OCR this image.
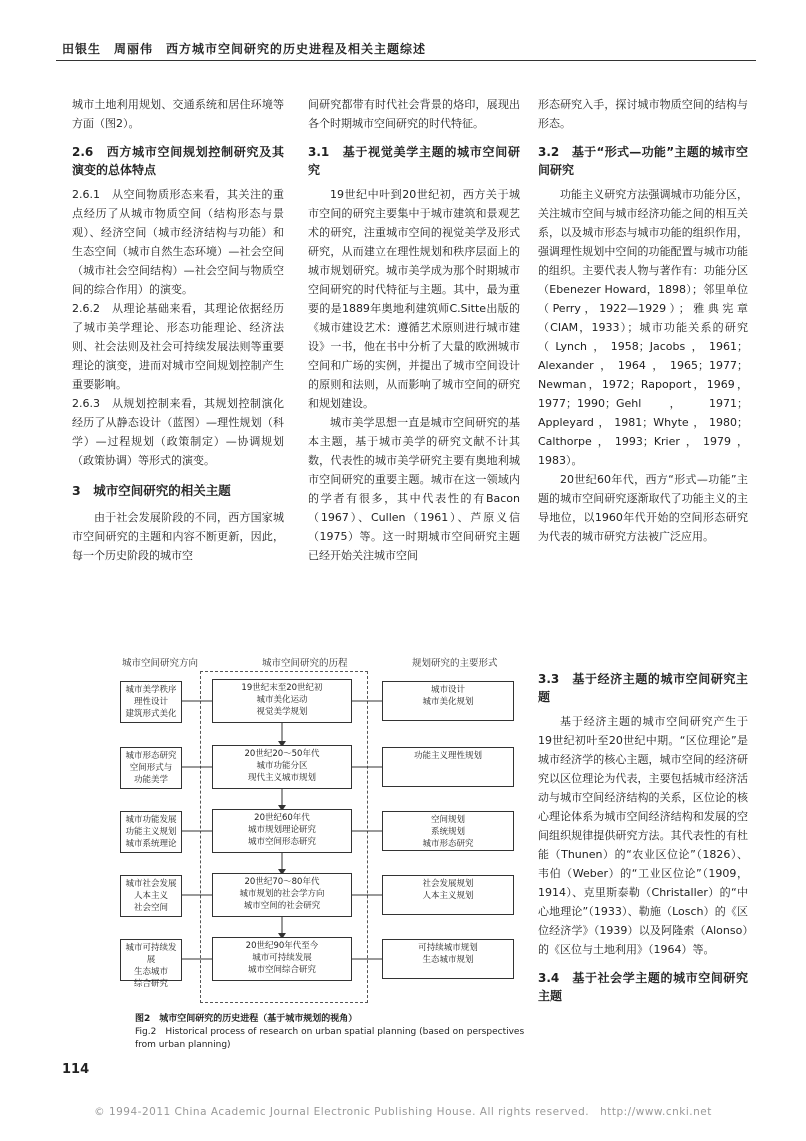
田银生　周丽伟　西方城市空间研究的历史进程及相关主题综述

城市土地利用规划、交通系统和居住环境等方面（图2）。

2.6　西方城市空间规划控制研究及其演变的总体特点

2.6.1　从空间物质形态来看，其关注的重点经历了从城市物质空间（结构形态与景观）、经济空间（城市经济结构与功能）和生态空间（城市自然生态环境）—社会空间（城市社会空间结构）—社会空间与物质空间的综合作用）的演变。

2.6.2　从理论基础来看，其理论依据经历了城市美学理论、形态功能理论、经济法则、社会法则及社会可持续发展法则等重要理论的演变，进而对城市空间规划控制产生重要影响。

2.6.3　从规划控制来看，其规划控制演化经历了从静态设计（蓝图）—理性规划（科学）—过程规划（政策制定）—协调规划（政策协调）等形式的演变。

3　城市空间研究的相关主题

由于社会发展阶段的不同，西方国家城市空间研究的主题和内容不断更新，因此，每一个历史阶段的城市空

间研究都带有时代社会背景的烙印，展现出各个时期城市空间研究的时代特征。

3.1　基于视觉美学主题的城市空间研究

19世纪中叶到20世纪初，西方关于城市空间的研究主要集中于城市建筑和景观艺术的研究，注重城市空间的视觉美学及形式研究，从而建立在理性规划和秩序层面上的城市规划研究。城市美学成为那个时期城市空间研究的时代特征与主题。其中，最为重要的是1889年奥地利建筑师C.Sitte出版的《城市建设艺术：遵循艺术原则进行城市建设》一书，他在书中分析了大量的欧洲城市空间和广场的实例，并提出了城市空间设计的原则和法则，从而影响了城市空间的研究和规划建设。

城市美学思想一直是城市空间研究的基本主题，基于城市美学的研究文献不计其数，代表性的城市美学研究主要有奥地利城市空间研究的重要主题。城市在这一领域内的学者有很多，其中代表性的有Bacon（1967）、Cullen（1961）、芦原义信（1975）等。这一时期城市空间研究主题已经开始关注城市空间

形态研究入手，探讨城市物质空间的结构与形态。

3.2　基于“形式—功能”主题的城市空间研究

功能主义研究方法强调城市功能分区，关注城市空间与城市经济功能之间的相互关系，以及城市形态与城市功能的组织作用，强调理性规划中空间的功能配置与城市功能的组织。主要代表人物与著作有：功能分区（Ebenezer Howard，1898）；邻里单位（Perry，1922—1929）；雅典宪章（CIAM，1933）；城市功能关系的研究（Lynch，1958；Jacobs，1961；Alexander，1964，1965；1977；Newman，1972；Rapoport，1969，1977；1990；Gehl，1971；Appleyard，1981；Whyte，1980；Calthorpe，1993；Krier，1979，1983）。

20世纪60年代，西方“形式—功能”主题的城市空间研究逐渐取代了功能主义的主导地位，以1960年代开始的空间形态研究为代表的城市研究方法被广泛应用。

3.3　基于经济主题的城市空间研究主题

基于经济主题的城市空间研究产生于19世纪初叶至20世纪中期。“区位理论”是城市经济学的核心主题，城市空间的经济研究以区位理论为代表，主要包括城市经济活动与城市空间经济结构的关系，区位论的核心理论体系为城市空间经济结构和发展的空间组织规律提供研究方法。其代表性的有杜能（Thunen）的“农业区位论”（1826）、韦伯（Weber）的“工业区位论”（1909，1914）、克里斯泰勒（Christaller）的“中心地理论”（1933）、勒施（Losch）的《区位经济学》（1939）以及阿隆索（Alonso）的《区位与土地利用》（1964）等。

3.4　基于社会学主题的城市空间研究主题
城市空间研究方向	城市空间研究的历程	规划研究的主要形式
城市美学秩序
理性设计
建筑形式美化
城市形态研究
空间形式与
功能美学
城市功能发展
功能主义规划
城市系统理论
城市社会发展
人本主义
社会空间
城市可持续发展
生态城市
综合研究
19世纪末至20世纪初
城市美化运动
视觉美学规划
20世纪20～50年代
城市功能分区
现代主义城市规划
20世纪60年代
城市规划理论研究
城市空间形态研究
20世纪70～80年代
城市规划的社会学方向
城市空间的社会研究
20世纪90年代至今
城市可持续发展
城市空间综合研究
城市设计
城市美化规划
功能主义理性规划
空间规划
系统规划
城市形态研究
社会发展规划
人本主义规划
可持续城市规划
生态城市规划
图2　城市空间研究的历史进程（基于城市规划的视角）
Fig.2　Historical process of research on urban spatial planning (based on perspectives from urban planning)
114
© 1994-2011 China Academic Journal Electronic Publishing House. All rights reserved.　http://www.cnki.net
